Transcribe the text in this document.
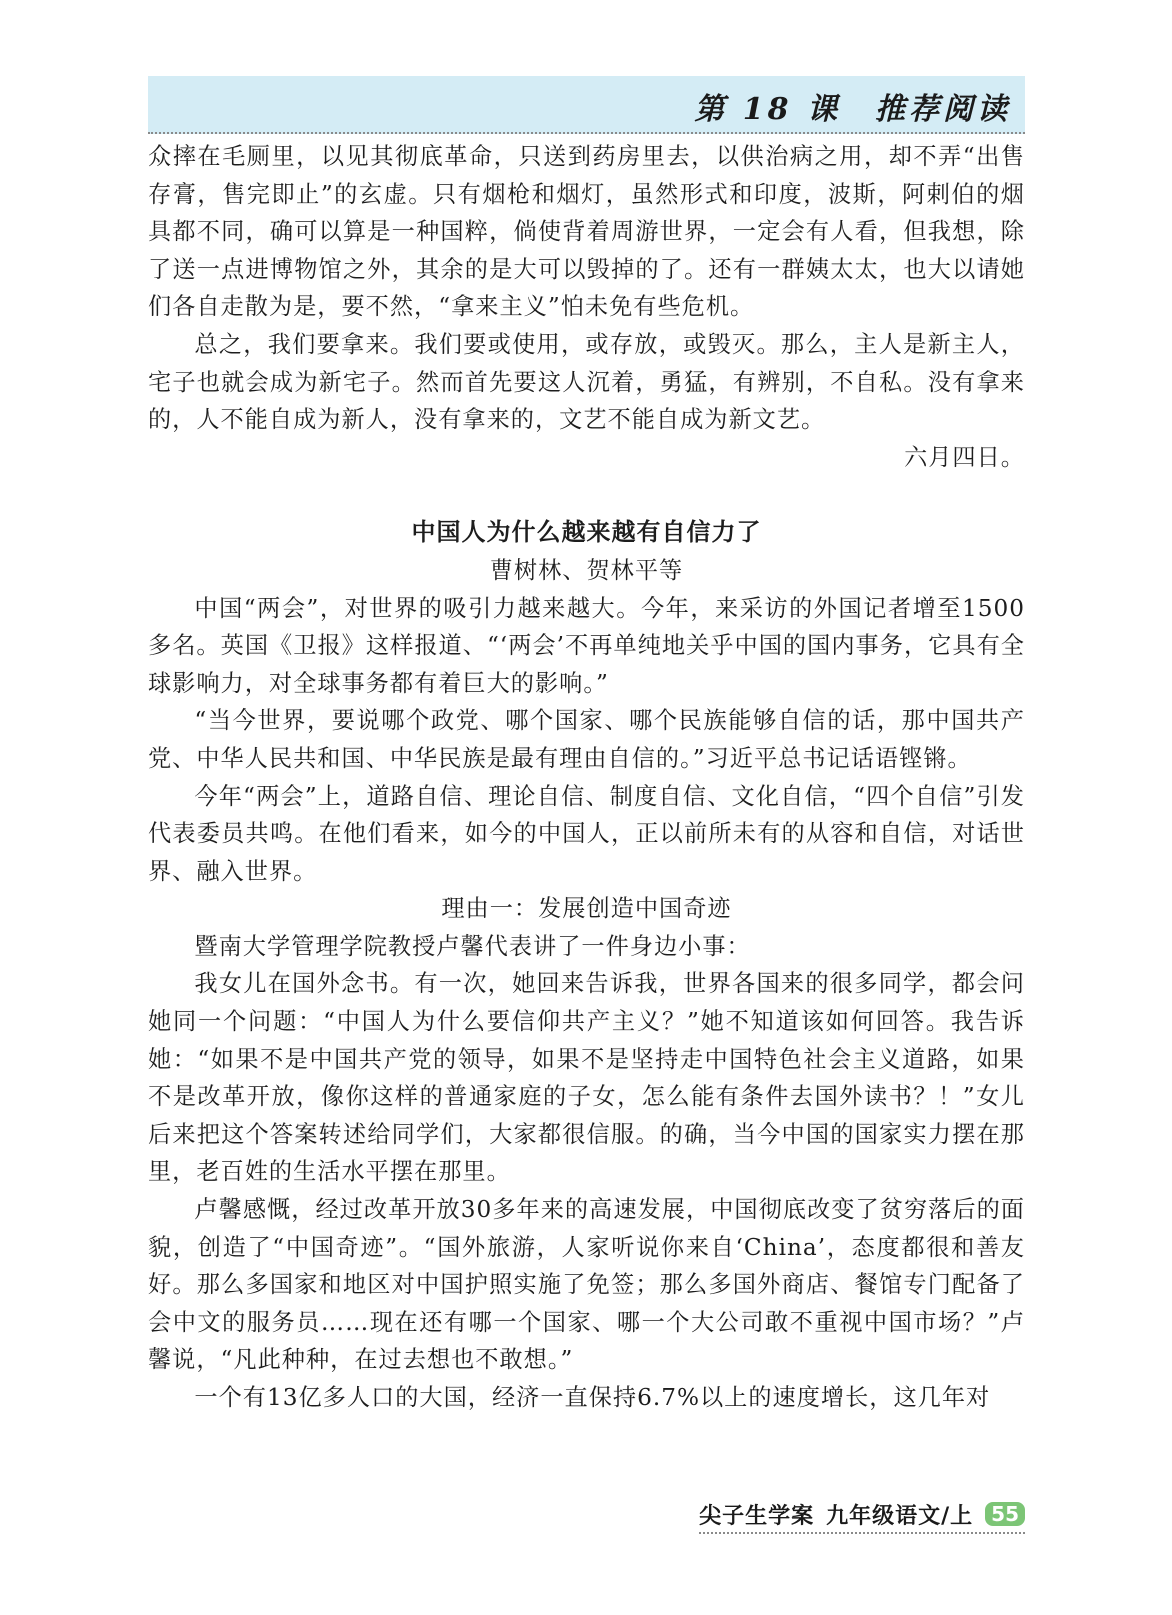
第 18 课　推荐阅读

众摔在毛厕里，以见其彻底革命，只送到药房里去，以供治病之用，却不弄“出售存膏，售完即止”的玄虚。只有烟枪和烟灯，虽然形式和印度，波斯，阿剌伯的烟具都不同，确可以算是一种国粹，倘使背着周游世界，一定会有人看，但我想，除了送一点进博物馆之外，其余的是大可以毁掉的了。还有一群姨太太，也大以请她们各自走散为是，要不然，“拿来主义”怕未免有些危机。

总之，我们要拿来。我们要或使用，或存放，或毁灭。那么，主人是新主人，宅子也就会成为新宅子。然而首先要这人沉着，勇猛，有辨别，不自私。没有拿来的，人不能自成为新人，没有拿来的，文艺不能自成为新文艺。

六月四日。

中国人为什么越来越有自信力了

曹树林、贺林平等

中国“两会”，对世界的吸引力越来越大。今年，来采访的外国记者增至1500多名。英国《卫报》这样报道、“‘两会’不再单纯地关乎中国的国内事务，它具有全球影响力，对全球事务都有着巨大的影响。”

“当今世界，要说哪个政党、哪个国家、哪个民族能够自信的话，那中国共产党、中华人民共和国、中华民族是最有理由自信的。”习近平总书记话语铿锵。

今年“两会”上，道路自信、理论自信、制度自信、文化自信，“四个自信”引发代表委员共鸣。在他们看来，如今的中国人，正以前所未有的从容和自信，对话世界、融入世界。

理由一：发展创造中国奇迹

暨南大学管理学院教授卢馨代表讲了一件身边小事：

我女儿在国外念书。有一次，她回来告诉我，世界各国来的很多同学，都会问她同一个问题：“中国人为什么要信仰共产主义？”她不知道该如何回答。我告诉她：“如果不是中国共产党的领导，如果不是坚持走中国特色社会主义道路，如果不是改革开放，像你这样的普通家庭的子女，怎么能有条件去国外读书？！”女儿后来把这个答案转述给同学们，大家都很信服。的确，当今中国的国家实力摆在那里，老百姓的生活水平摆在那里。

卢馨感慨，经过改革开放30多年来的高速发展，中国彻底改变了贫穷落后的面貌，创造了“中国奇迹”。“国外旅游，人家听说你来自‘China’，态度都很和善友好。那么多国家和地区对中国护照实施了免签；那么多国外商店、餐馆专门配备了会中文的服务员……现在还有哪一个国家、哪一个大公司敢不重视中国市场？”卢馨说，“凡此种种，在过去想也不敢想。”

一个有13亿多人口的大国，经济一直保持6.7%以上的速度增长，这几年对

尖子生学案 九年级语文/上 55
